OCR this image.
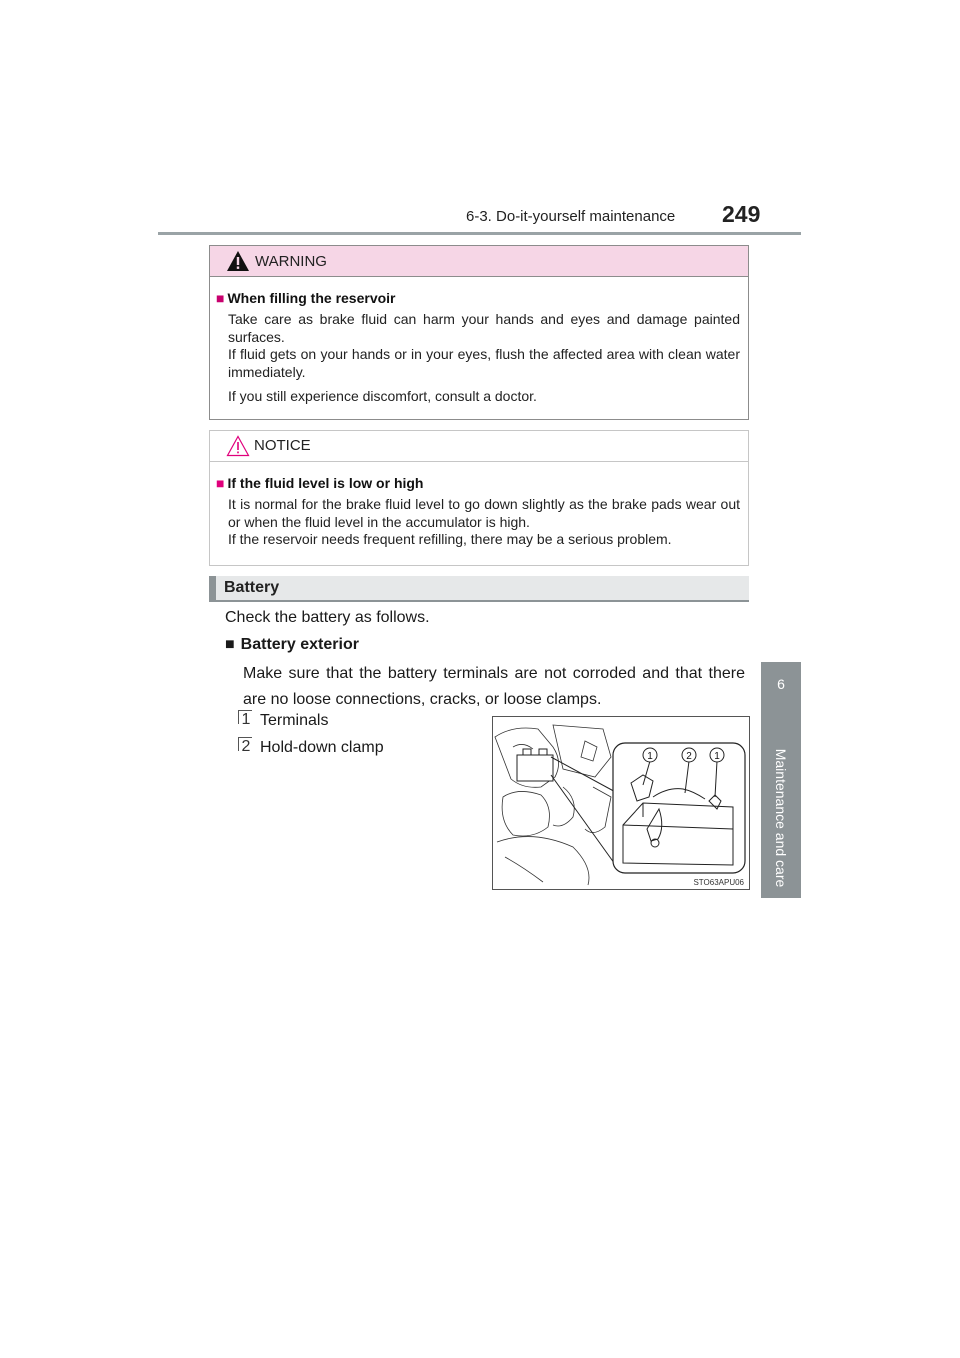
6-3. Do-it-yourself maintenance 249
6
Maintenance and care
WARNING
■ When filling the reservoir

Take care as brake fluid can harm your hands and eyes and damage painted surfaces.

If fluid gets on your hands or in your eyes, flush the affected area with clean water immediately.

If you still experience discomfort, consult a doctor.

NOTICE
■ If the fluid level is low or high

It is normal for the brake fluid level to go down slightly as the brake pads wear out or when the fluid level in the accumulator is high.

If the reservoir needs frequent refilling, there may be a serious problem.

Battery
Check the battery as follows.
■ Battery exterior

Make sure that the battery terminals are not corroded and that there are no loose connections, cracks, or loose clamps.

1 Terminals
2 Hold-down clamp
1	2 1
STO63APU06
